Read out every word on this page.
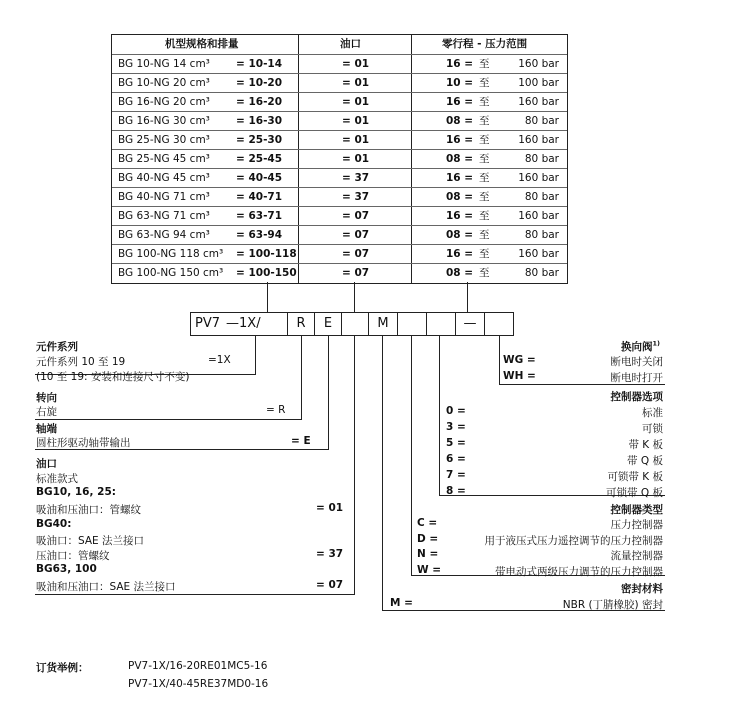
机型规格和排量	油口	零行程 - 压力范围
BG 10-NG 14 cm³ = 10-14	= 01	16 = 至	160 bar
BG 10-NG 20 cm³ = 10-20	= 01	10 = 至	100 bar
BG 16-NG 20 cm³ = 16-20	= 01	16 = 至	160 bar
BG 16-NG 30 cm³ = 16-30	= 01	08 = 至	80 bar
BG 25-NG 30 cm³ = 25-30	= 01	16 = 至	160 bar
BG 25-NG 45 cm³ = 25-45	= 01	08 = 至	80 bar
BG 40-NG 45 cm³ = 40-45	= 37	16 = 至	160 bar
BG 40-NG 71 cm³ = 40-71	= 37	08 = 至	80 bar
BG 63-NG 71 cm³ = 63-71	= 07	16 = 至	160 bar
BG 63-NG 94 cm³ = 63-94	= 07	08 = 至	80 bar
BG 100-NG 118 cm³ = 100-118	= 07	16 = 至	160 bar
BG 100-NG 150 cm³ = 100-150	= 07	08 = 至	80 bar
PV7 —1X/	R	E	M	—
元件系列
元件系列 10 至 19	=1X
(10 至 19: 安装和连接尺寸不变)
转向
右旋	= R
轴端
圆柱形驱动轴带输出	= E
油口
标准款式
BG10, 16, 25:
吸油和压油口：管螺纹	= 01
BG40:
吸油口：SAE 法兰接口
压油口：管螺纹	= 37
BG63, 100
吸油和压油口：SAE 法兰接口	= 07
换向阀$^{1)}$
WG =	断电时关闭
WH =	断电时打开
控制器选项
0 =	标准
3 =	可锁
5 =	带 K 板
6 =	带 Q 板
7 =	可锁带 K 板
8 =	可锁带 Q 板
控制器类型
C =	压力控制器
D =	用于液压式压力遥控调节的压力控制器
N =	流量控制器
W =	带电动式两级压力调节的压力控制器
密封材料
M =	NBR (丁腈橡胶) 密封
订货举例：	PV7-1X/16-20RE01MC5-16
PV7-1X/40-45RE37MD0-16
